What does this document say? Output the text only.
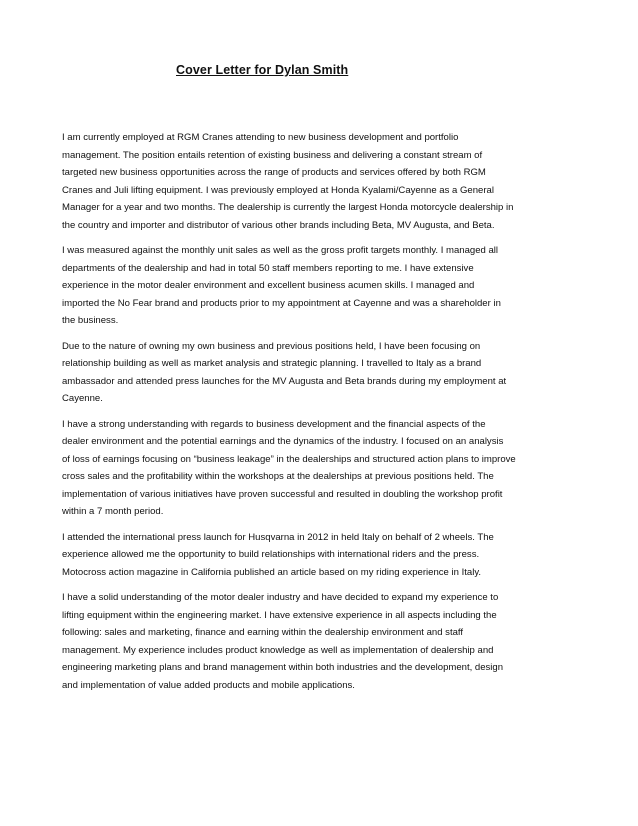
Cover Letter for Dylan Smith

I am currently employed at RGM Cranes attending to new business development and portfolio
management. The position entails retention of existing business and delivering a constant stream of
targeted new business opportunities across the range of products and services offered by both RGM
Cranes and Juli lifting equipment. I was previously employed at Honda Kyalami/Cayenne as a General
Manager for a year and two months. The dealership is currently the largest Honda motorcycle dealership in
the country and importer and distributor of various other brands including Beta, MV Augusta, and Beta.

I was measured against the monthly unit sales as well as the gross profit targets monthly. I managed all
departments of the dealership and had in total 50 staff members reporting to me. I have extensive
experience in the motor dealer environment and excellent business acumen skills. I managed and
imported the No Fear brand and products prior to my appointment at Cayenne and was a shareholder in
the business.

Due to the nature of owning my own business and previous positions held, I have been focusing on
relationship building as well as market analysis and strategic planning. I travelled to Italy as a brand
ambassador and attended press launches for the MV Augusta and Beta brands during my employment at
Cayenne.

I have a strong understanding with regards to business development and the financial aspects of the
dealer environment and the potential earnings and the dynamics of the industry. I focused on an analysis
of loss of earnings focusing on “business leakage” in the dealerships and structured action plans to improve
cross sales and the profitability within the workshops at the dealerships at previous positions held. The
implementation of various initiatives have proven successful and resulted in doubling the workshop profit
within a 7 month period.

I attended the international press launch for Husqvarna in 2012 in held Italy on behalf of 2 wheels. The
experience allowed me the opportunity to build relationships with international riders and the press.
Motocross action magazine in California published an article based on my riding experience in Italy.

I have a solid understanding of the motor dealer industry and have decided to expand my experience to
lifting equipment within the engineering market. I have extensive experience in all aspects including the
following: sales and marketing, finance and earning within the dealership environment and staff
management. My experience includes product knowledge as well as implementation of dealership and
engineering marketing plans and brand management within both industries and the development, design
and implementation of value added products and mobile applications.
